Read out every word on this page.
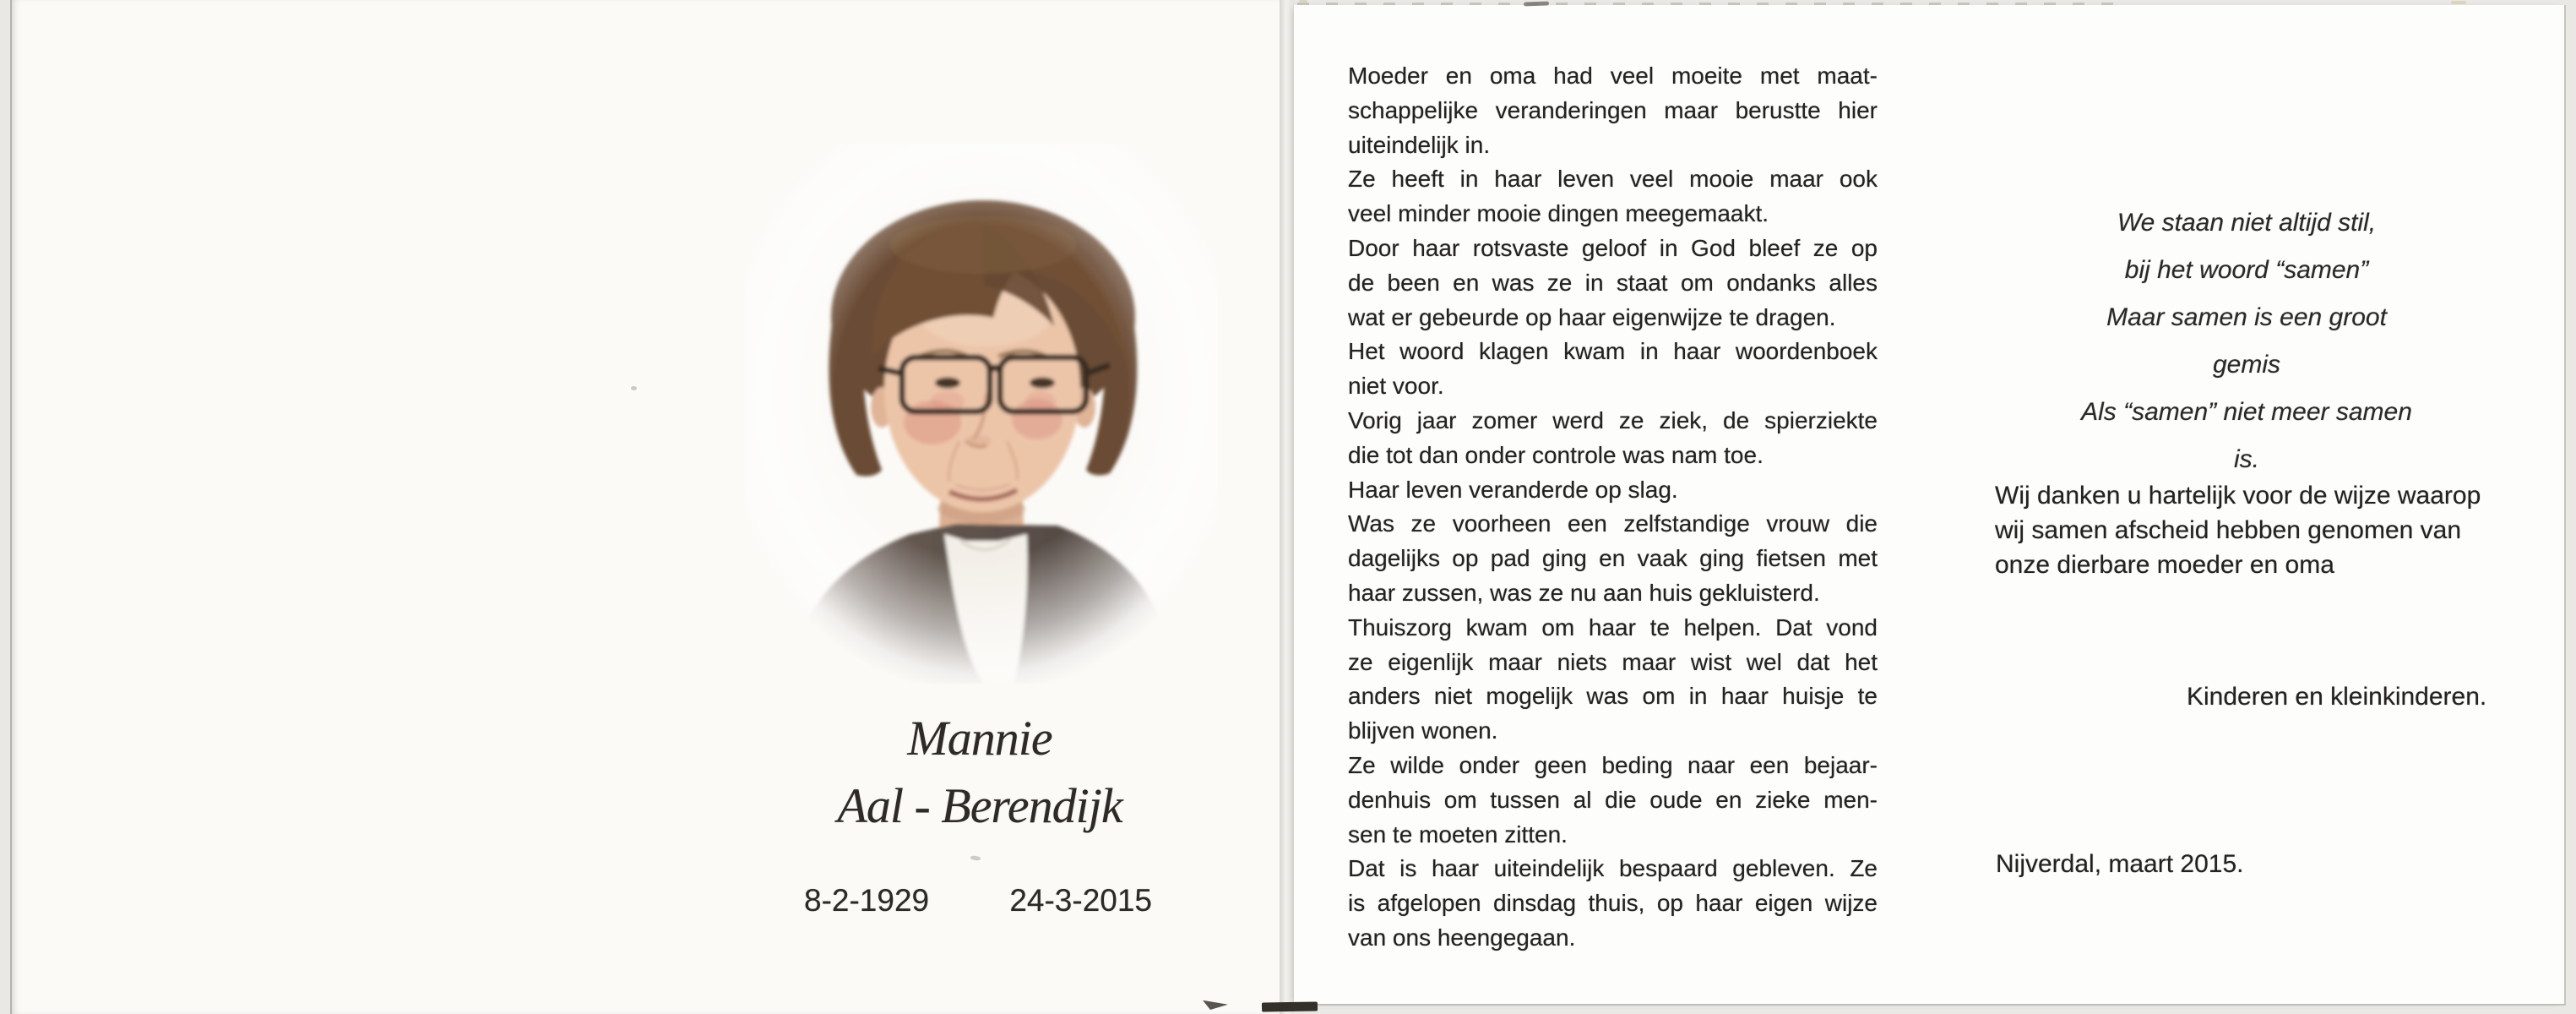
Mannie
Aal - Berendijk
8-2-1929	24-3-2015
Moeder en oma had veel moeite met maat-
schappelijke veranderingen maar berustte hier
uiteindelijk in.
Ze heeft in haar leven veel mooie maar ook
veel minder mooie dingen meegemaakt.
Door haar rotsvaste geloof in God bleef ze op
de been en was ze in staat om ondanks alles
wat er gebeurde op haar eigenwijze te dragen.
Het woord klagen kwam in haar woordenboek
niet voor.
Vorig jaar zomer werd ze ziek, de spierziekte
die tot dan onder controle was nam toe.
Haar leven veranderde op slag.
Was ze voorheen een zelfstandige vrouw die
dagelijks op pad ging en vaak ging fietsen met
haar zussen, was ze nu aan huis gekluisterd.
Thuiszorg kwam om haar te helpen. Dat vond
ze eigenlijk maar niets maar wist wel dat het
anders niet mogelijk was om in haar huisje te
blijven wonen.
Ze wilde onder geen beding naar een bejaar-
denhuis om tussen al die oude en zieke men-
sen te moeten zitten.
Dat is haar uiteindelijk bespaard gebleven. Ze
is afgelopen dinsdag thuis, op haar eigen wijze
van ons heengegaan.
We staan niet altijd stil,
bij het woord “samen”
Maar samen is een groot gemis
Als “samen” niet meer samen is.
Wij danken u hartelijk voor de wijze waarop
wij samen afscheid hebben genomen van
onze dierbare moeder en oma
Kinderen en kleinkinderen.
Nijverdal, maart 2015.
